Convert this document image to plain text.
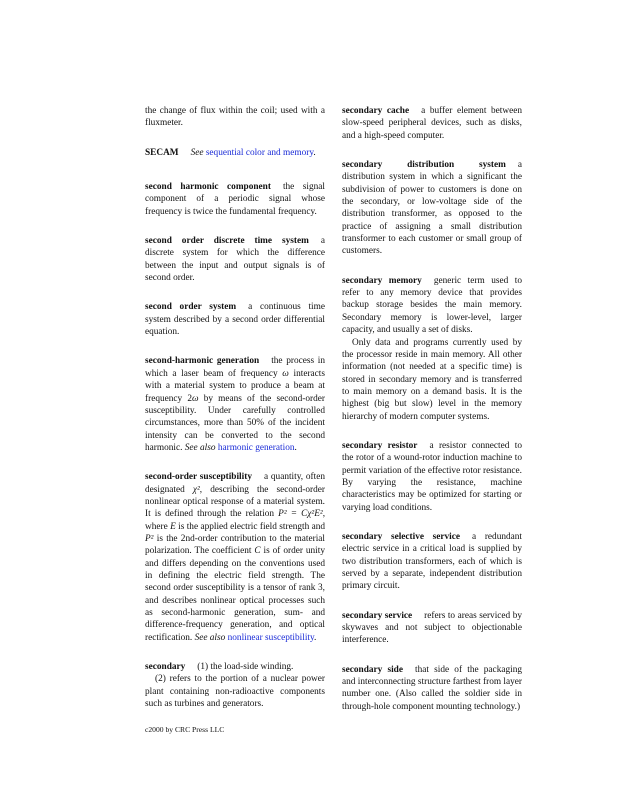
the change of flux within the coil; used with a fluxmeter.

SECAM See sequential color and memory.

second harmonic component the signal component of a periodic signal whose frequency is twice the fundamental frequency.

second order discrete time system a discrete system for which the difference between the input and output signals is of second order.

second order system a continuous time system described by a second order differential equation.

second-harmonic generation the process in which a laser beam of frequency ω interacts with a material system to produce a beam at frequency 2ω by means of the second-order susceptibility. Under carefully controlled circumstances, more than 50% of the incident intensity can be converted to the second harmonic. See also harmonic generation.

second-order susceptibility a quantity, often designated χ², describing the second-order nonlinear optical response of a material system. It is defined through the relation P² = Cχ²E², where E is the applied electric field strength and P² is the 2nd-order contribution to the material polarization. The coefficient C is of order unity and differs depending on the conventions used in defining the electric field strength. The second order susceptibility is a tensor of rank 3, and describes nonlinear optical processes such as second-harmonic generation, sum- and difference-frequency generation, and optical rectification. See also nonlinear susceptibility.

secondary (1) the load-side winding.

(2) refers to the portion of a nuclear power plant containing non-radioactive components such as turbines and generators.

secondary cache a buffer element between slow-speed peripheral devices, such as disks, and a high-speed computer.

secondary distribution system a distribution system in which a significant the subdivision of power to customers is done on the secondary, or low-voltage side of the distribution transformer, as opposed to the practice of assigning a small distribution transformer to each customer or small group of customers.

secondary memory generic term used to refer to any memory device that provides backup storage besides the main memory. Secondary memory is lower-level, larger capacity, and usually a set of disks.

Only data and programs currently used by the processor reside in main memory. All other information (not needed at a specific time) is stored in secondary memory and is transferred to main memory on a demand basis. It is the highest (big but slow) level in the memory hierarchy of modern computer systems.

secondary resistor a resistor connected to the rotor of a wound-rotor induction machine to permit variation of the effective rotor resistance. By varying the resistance, machine characteristics may be optimized for starting or varying load conditions.

secondary selective service a redundant electric service in a critical load is supplied by two distribution transformers, each of which is served by a separate, independent distribution primary circuit.

secondary service refers to areas serviced by skywaves and not subject to objectionable interference.

secondary side that side of the packaging and interconnecting structure farthest from layer number one. (Also called the soldier side in through-hole component mounting technology.)

c2000 by CRC Press LLC
